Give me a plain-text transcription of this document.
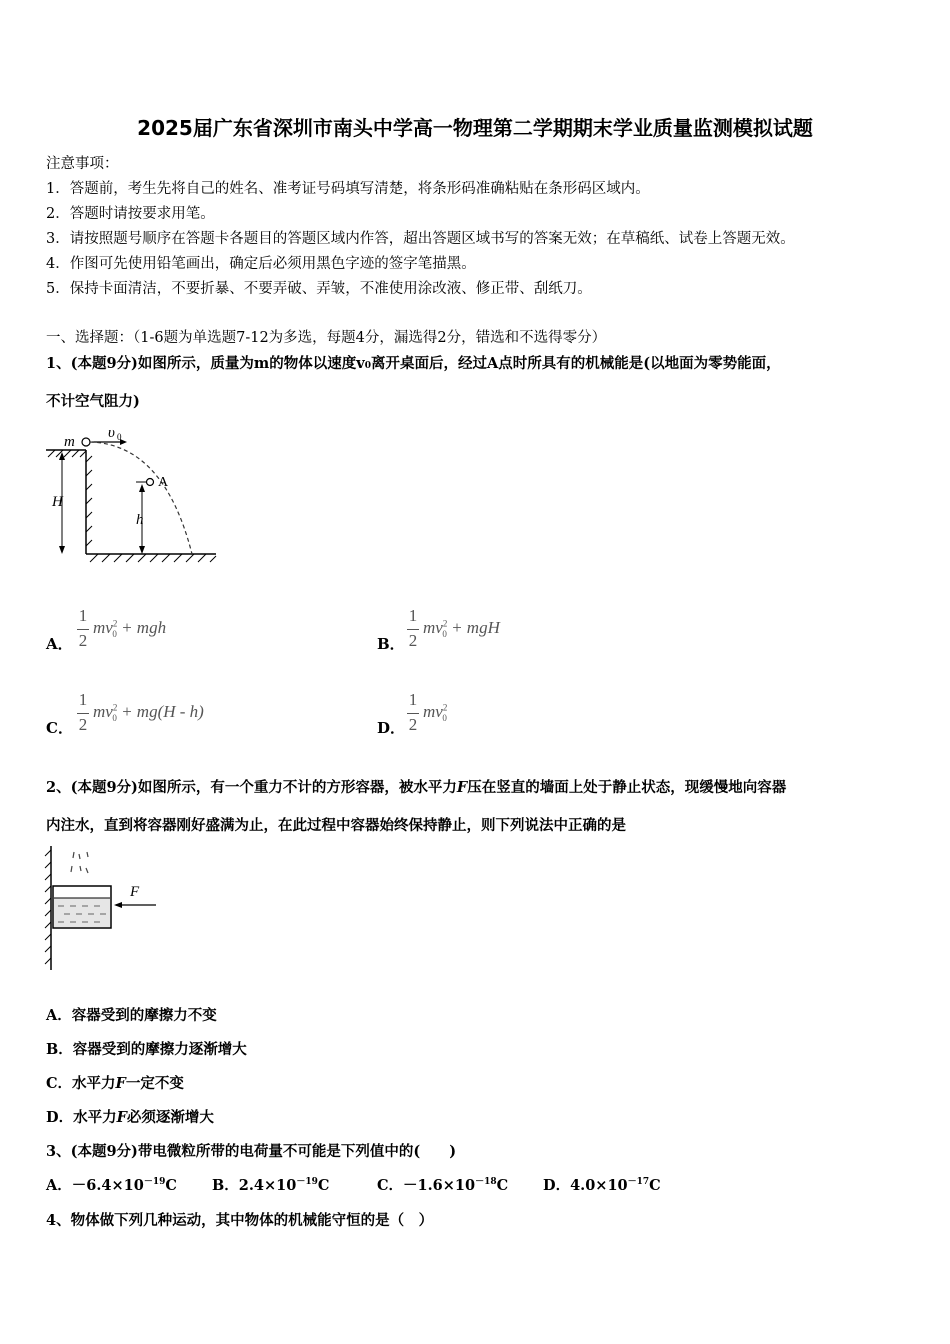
2025届广东省深圳市南头中学高一物理第二学期期末学业质量监测模拟试题
注意事项：
1．答题前，考生先将自己的姓名、准考证号码填写清楚，将条形码准确粘贴在条形码区域内。
2．答题时请按要求用笔。
3．请按照题号顺序在答题卡各题目的答题区域内作答，超出答题区域书写的答案无效；在草稿纸、试卷上答题无效。
4．作图可先使用铅笔画出，确定后必须用黑色字迹的签字笔描黑。
5．保持卡面清洁，不要折暴、不要弄破、弄皱，不准使用涂改液、修正带、刮纸刀。
一、选择题：（1-6题为单选题7-12为多选，每题4分，漏选得2分，错选和不选得零分）
1、(本题9分)如图所示，质量为m的物体以速度v0离开桌面后，经过A点时所具有的机械能是(以地面为零势能面，
不计空气阻力)
m
υ 0
A
H
h
A．
1
2
$mv^2_0$ + mgh
B．
1
2
$mv^2_0$ + mgH
C．
1
2
$mv^2_0 + mg(H - h)$
D．
1
2
$mv^2_0$
2、(本题9分)如图所示，有一个重力不计的方形容器，被水平力F压在竖直的墙面上处于静止状态，现缓慢地向容器
内注水，直到将容器刚好盛满为止，在此过程中容器始终保持静止，则下列说法中正确的是
F
A．容器受到的摩擦力不变
B．容器受到的摩擦力逐渐增大
C．水平力F一定不变
D．水平力F必须逐渐增大
3、(本题9分)带电微粒所带的电荷量不可能是下列值中的(　　)
A．$-6.4\times 10^{-19}C$ B．$2.4\times 10^{-19}C$	C．$-1.6\times 10^{-18}C$ D．$4.0\times 10^{-17}C$
4、物体做下列几种运动，其中物体的机械能守恒的是（　）
